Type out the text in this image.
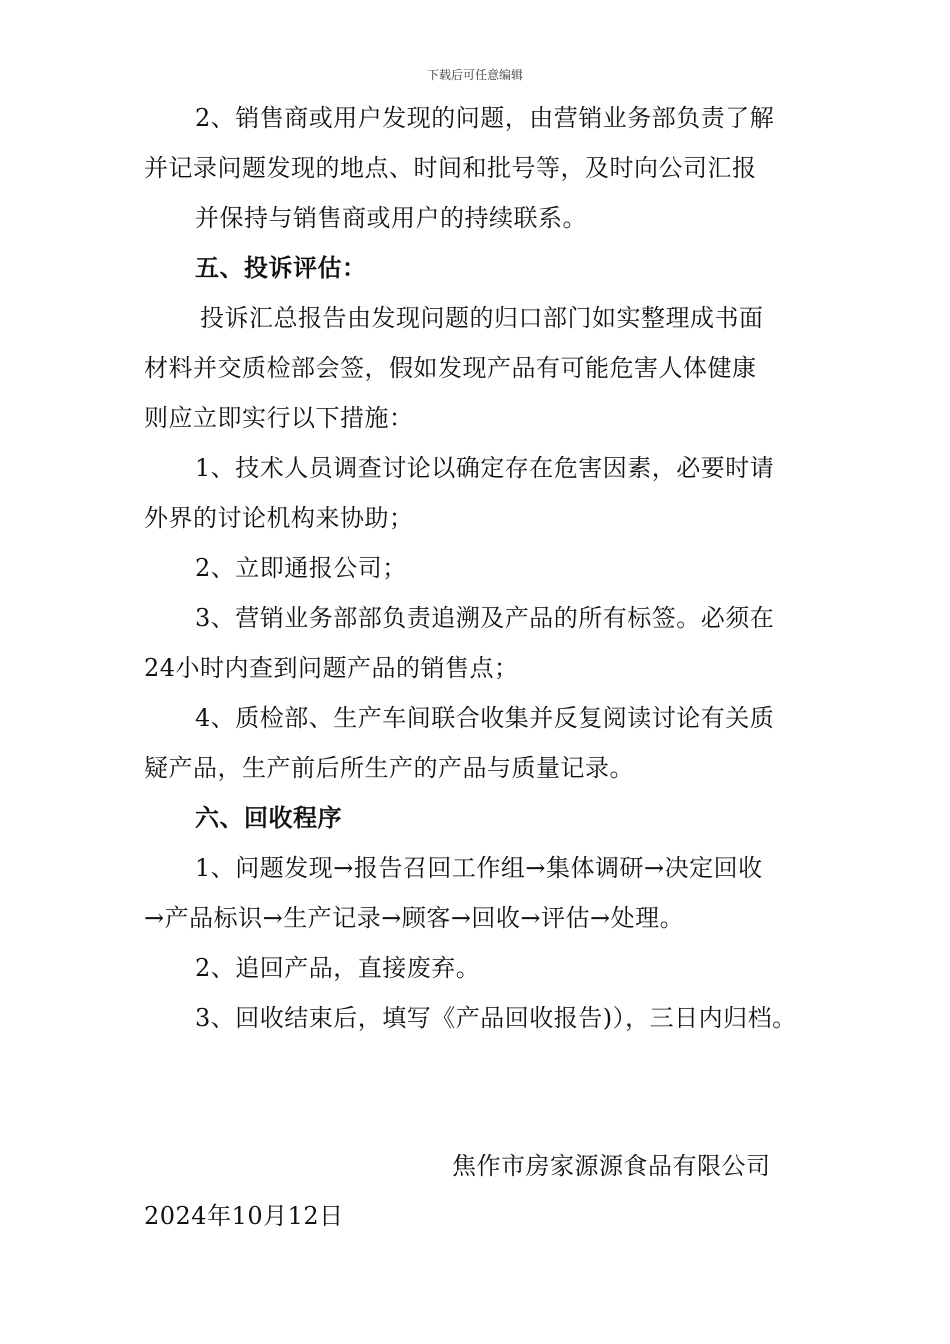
下载后可任意编辑
2、销售商或用户发现的问题，由营销业务部负责了解
并记录问题发现的地点、时间和批号等，及时向公司汇报
并保持与销售商或用户的持续联系。
五、投诉评估：
投诉汇总报告由发现问题的归口部门如实整理成书面
材料并交质检部会签，假如发现产品有可能危害人体健康
则应立即实行以下措施：
1、技术人员调查讨论以确定存在危害因素，必要时请
外界的讨论机构来协助；
2、立即通报公司；
3、营销业务部部负责追溯及产品的所有标签。必须在
24小时内查到问题产品的销售点；
4、质检部、生产车间联合收集并反复阅读讨论有关质
疑产品，生产前后所生产的产品与质量记录。
六、回收程序
1、问题发现→报告召回工作组→集体调研→决定回收
→产品标识→生产记录→顾客→回收→评估→处理。
2、追回产品，直接废弃。
3、回收结束后，填写《产品回收报告)），三日内归档。
焦作市房家源源食品有限公司
2024年10月12日
